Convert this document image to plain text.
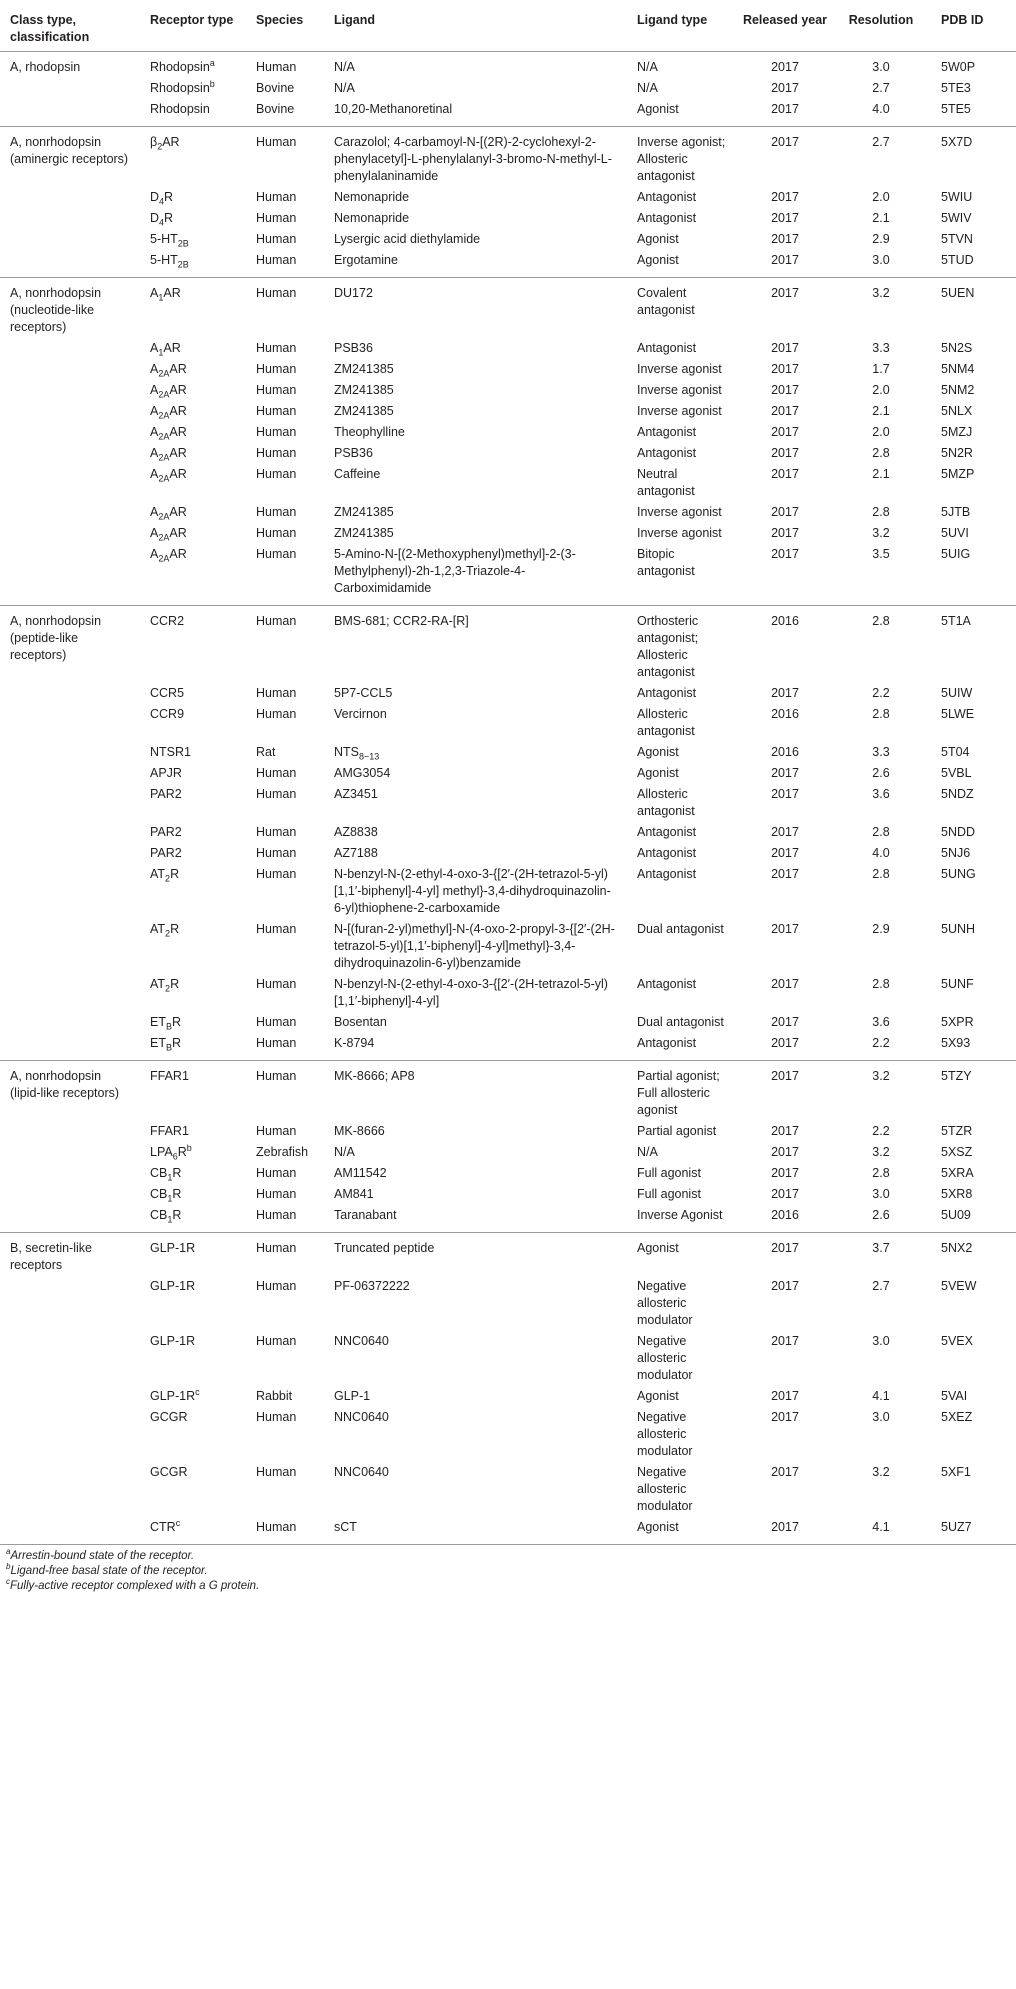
Class type, classification	Receptor type	Species	Ligand	Ligand type	Released year	Resolution	PDB ID
A, rhodopsin	Rhodopsin$^a$	Human	N/A	N/A	2017	3.0	5W0P
	Rhodopsin$^b$	Bovine	N/A	N/A	2017	2.7	5TE3
	Rhodopsin	Bovine	10,20-Methanoretinal	Agonist	2017	4.0	5TE5
A, nonrhodopsin (aminergic receptors)	$\beta_2AR$	Human	Carazolol; 4-carbamoyl-N-[(2R)-2-cyclohexyl-2-phenylacetyl]-L-phenylalanyl-3-bromo-N-methyl-L-phenylalaninamide	Inverse agonist; Allosteric antagonist	2017	2.7	5X7D
	$D_4R$	Human	Nemonapride	Antagonist	2017	2.0	5WIU
	$D_4R$	Human	Nemonapride	Antagonist	2017	2.1	5WIV
	$5-HT_{2B}$	Human	Lysergic acid diethylamide	Agonist	2017	2.9	5TVN
	$5-HT_{2B}$	Human	Ergotamine	Agonist	2017	3.0	5TUD
A, nonrhodopsin (nucleotide-like receptors)	$A_1AR$	Human	DU172	Covalent antagonist	2017	3.2	5UEN
	$A_1AR$	Human	PSB36	Antagonist	2017	3.3	5N2S
	$A_{2A}AR$	Human	ZM241385	Inverse agonist	2017	1.7	5NM4
	$A_{2A}AR$	Human	ZM241385	Inverse agonist	2017	2.0	5NM2
	$A_{2A}AR$	Human	ZM241385	Inverse agonist	2017	2.1	5NLX
	$A_{2A}AR$	Human	Theophylline	Antagonist	2017	2.0	5MZJ
	$A_{2A}AR$	Human	PSB36	Antagonist	2017	2.8	5N2R
	$A_{2A}AR$	Human	Caffeine	Neutral antagonist	2017	2.1	5MZP
	$A_{2A}AR$	Human	ZM241385	Inverse agonist	2017	2.8	5JTB
	$A_{2A}AR$	Human	ZM241385	Inverse agonist	2017	3.2	5UVI
	$A_{2A}AR$	Human	5-Amino-N-[(2-Methoxyphenyl)methyl]-2-(3-Methylphenyl)-2h-1,2,3-Triazole-4-Carboximidamide	Bitopic antagonist	2017	3.5	5UIG
A, nonrhodopsin (peptide-like receptors)	CCR2	Human	BMS-681; CCR2-RA-[R]	Orthosteric antagonist; Allosteric antagonist	2016	2.8	5T1A
	CCR5	Human	5P7-CCL5	Antagonist	2017	2.2	5UIW
	CCR9	Human	Vercirnon	Allosteric antagonist	2016	2.8	5LWE
	NTSR1	Rat	$NTS_{8-13}$	Agonist	2016	3.3	5T04
	APJR	Human	AMG3054	Agonist	2017	2.6	5VBL
	PAR2	Human	AZ3451	Allosteric antagonist	2017	3.6	5NDZ
	PAR2	Human	AZ8838	Antagonist	2017	2.8	5NDD
	PAR2	Human	AZ7188	Antagonist	2017	4.0	5NJ6
	$AT_2R$	Human	N-benzyl-N-(2-ethyl-4-oxo-3-{[2′-(2H-tetrazol-5-yl)[1,1′-biphenyl]-4-yl] methyl}-3,4-dihydroquinazolin-6-yl)thiophene-2-carboxamide	Antagonist	2017	2.8	5UNG
	$AT_2R$	Human	N-[(furan-2-yl)methyl]-N-(4-oxo-2-propyl-3-{[2′-(2H-tetrazol-5-yl)[1,1′-biphenyl]-4-yl]methyl}-3,4-dihydroquinazolin-6-yl)benzamide	Dual antagonist	2017	2.9	5UNH
	$AT_2R$	Human	N-benzyl-N-(2-ethyl-4-oxo-3-{[2′-(2H-tetrazol-5-yl)[1,1′-biphenyl]-4-yl]	Antagonist	2017	2.8	5UNF
	$ET_BR$	Human	Bosentan	Dual antagonist	2017	3.6	5XPR
	$ET_BR$	Human	K-8794	Antagonist	2017	2.2	5X93
A, nonrhodopsin (lipid-like receptors)	FFAR1	Human	MK-8666; AP8	Partial agonist; Full allosteric agonist	2017	3.2	5TZY
	FFAR1	Human	MK-8666	Partial agonist	2017	2.2	5TZR
	$LPA_6R^b$	Zebrafish	N/A	N/A	2017	3.2	5XSZ
	$CB_1R$	Human	AM11542	Full agonist	2017	2.8	5XRA
	$CB_1R$	Human	AM841	Full agonist	2017	3.0	5XR8
	$CB_1R$	Human	Taranabant	Inverse Agonist	2016	2.6	5U09
B, secretin-like receptors	GLP-1R	Human	Truncated peptide	Agonist	2017	3.7	5NX2
	GLP-1R	Human	PF-06372222	Negative allosteric modulator	2017	2.7	5VEW
	GLP-1R	Human	NNC0640	Negative allosteric modulator	2017	3.0	5VEX
	GLP-$1R^c$	Rabbit	GLP-1	Agonist	2017	4.1	5VAI
	GCGR	Human	NNC0640	Negative allosteric modulator	2017	3.0	5XEZ
	GCGR	Human	NNC0640	Negative allosteric modulator	2017	3.2	5XF1
	CTR$^c$	Human	sCT	Agonist	2017	4.1	5UZ7
$^a$Arrestin-bound state of the receptor.
$^b$Ligand-free basal state of the receptor.
$^c$Fully-active receptor complexed with a G protein.
